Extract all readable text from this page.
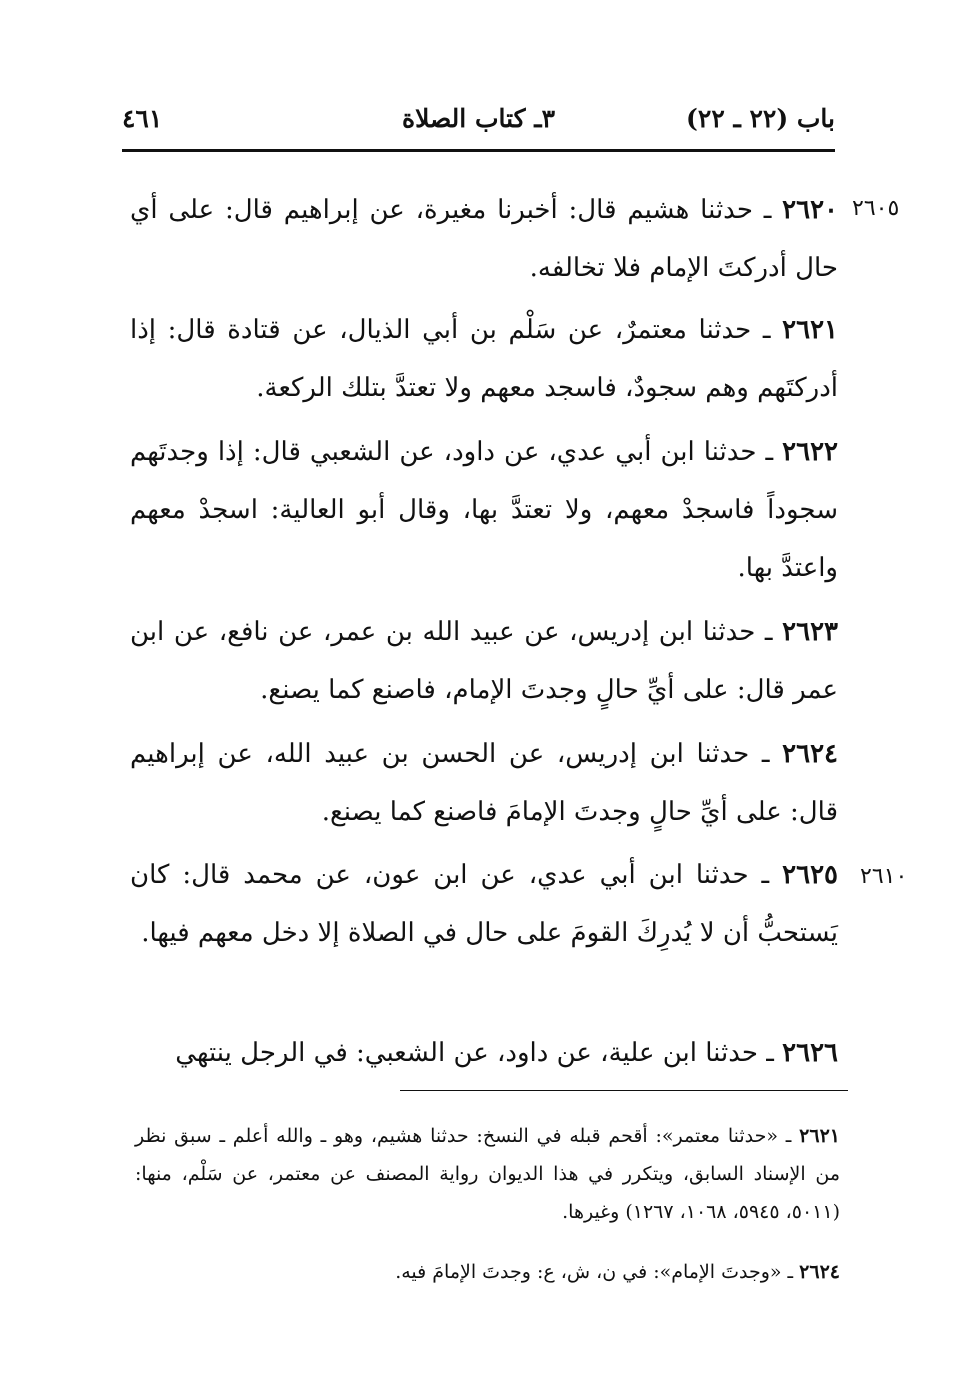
باب (٢٢ ـ ٢٢)
٣ـ كتاب الصلاة
٤٦١
٢٦٠٥
٢٦١٠

٢٦٢٠ ـ حدثنا هشيم قال: أخبرنا مغيرة، عن إبراهيم قال: على أي حال أدركتَ الإمام فلا تخالفه.

٢٦٢١ ـ حدثنا معتمرٌ، عن سَلْم بن أبي الذيال، عن قتادة قال: إذا أدركتَهم وهم سجودٌ، فاسجد معهم ولا تعتدَّ بتلك الركعة.

٢٦٢٢ ـ حدثنا ابن أبي عدي، عن داود، عن الشعبي قال: إذا وجدتَهم سجوداً فاسجدْ معهم، ولا تعتدَّ بها، وقال أبو العالية: اسجدْ معهم واعتدَّ بها.

٢٦٢٣ ـ حدثنا ابن إدريس، عن عبيد الله بن عمر، عن نافع، عن ابن عمر قال: على أيِّ حالٍ وجدتَ الإمام، فاصنع كما يصنع.

٢٦٢٤ ـ حدثنا ابن إدريس، عن الحسن بن عبيد الله، عن إبراهيم قال: على أيِّ حالٍ وجدتَ الإمامَ فاصنع كما يصنع.

٢٦٢٥ ـ حدثنا ابن أبي عدي، عن ابن عون، عن محمد قال: كان يَستحبُّ أن لا يُدرِكَ القومَ على حال في الصلاة إلا دخل معهم فيها.

٢٦٢٦ ـ حدثنا ابن علية، عن داود، عن الشعبي: في الرجل ينتهي

٢٦٢١ ـ «حدثنا معتمر»: أقحم قبله في النسخ: حدثنا هشيم، وهو ـ والله أعلم ـ سبق نظر من الإسناد السابق، ويتكرر في هذا الديوان رواية المصنف عن معتمر، عن سَلْم، منها: (٥٠١١، ٥٩٤٥، ١٠٦٨، ١٢٦٧) وغيرها.

٢٦٢٤ ـ «وجدتَ الإمام»: في ن، ش، ع: وجدتَ الإمامَ فيه.
